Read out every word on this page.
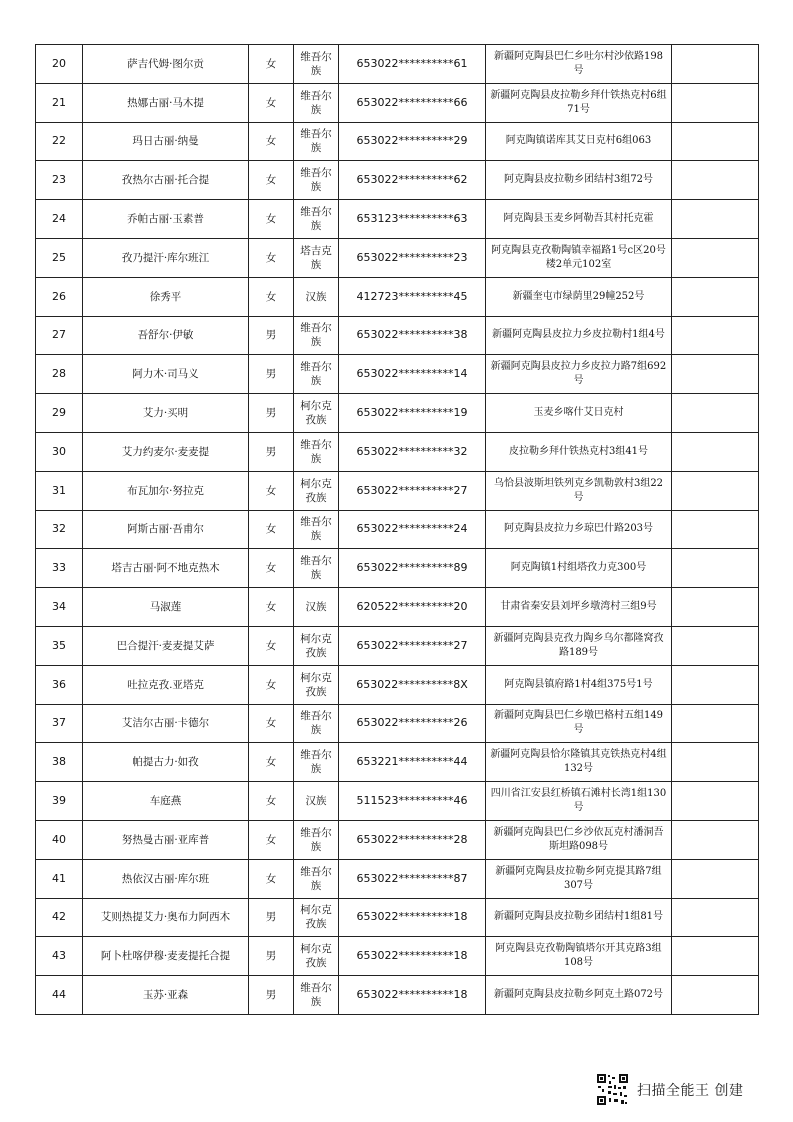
20	萨吉代姆·图尔贡	女	维吾尔族	653022**********61	新疆阿克陶县巴仁乡吐尔村沙依路198号	
21	热娜古丽·马木提	女	维吾尔族	653022**********66	新疆阿克陶县皮拉勒乡拜什铁热克村6组71号	
22	玛日古丽·纳曼	女	维吾尔族	653022**********29	阿克陶镇诺库其艾日克村6组063	
23	孜热尔古丽·托合提	女	维吾尔族	653022**********62	阿克陶县皮拉勒乡团结村3组72号	
24	乔帕古丽·玉素普	女	维吾尔族	653123**********63	阿克陶县玉麦乡阿勒吾其村托克霍	
25	孜乃提汗·库尔班江	女	塔吉克族	653022**********23	阿克陶县克孜勒陶镇幸福路1号c区20号楼2单元102室	
26	徐秀平	女	汉族	412723**********45	新疆奎屯市绿荫里29幢252号	
27	吾舒尔·伊敏	男	维吾尔族	653022**********38	新疆阿克陶县皮拉力乡皮拉勒村1组4号	
28	阿力木·司马义	男	维吾尔族	653022**********14	新疆阿克陶县皮拉力乡皮拉力路7组692号	
29	艾力·买明	男	柯尔克孜族	653022**********19	玉麦乡喀什艾日克村	
30	艾力约麦尔·麦麦提	男	维吾尔族	653022**********32	皮拉勒乡拜什铁热克村3组41号	
31	布瓦加尔·努拉克	女	柯尔克孜族	653022**********27	乌恰县波斯坦铁列克乡凯勒敦村3组22号	
32	阿斯古丽·吾甫尔	女	维吾尔族	653022**********24	阿克陶县皮拉力乡琼巴什路203号	
33	塔吉古丽·阿不地克热木	女	维吾尔族	653022**********89	阿克陶镇1村组塔孜力克300号	
34	马淑莲	女	汉族	620522**********20	甘肃省秦安县刘坪乡墩湾村三组9号	
35	巴合提汗·麦麦提艾萨	女	柯尔克孜族	653022**********27	新疆阿克陶县克孜力陶乡乌尔都隆窝孜路189号	
36	吐拉克孜.亚塔克	女	柯尔克孜族	653022**********8X	阿克陶县镇府路1村4组375号1号	
37	艾洁尔古丽·卡德尔	女	维吾尔族	653022**********26	新疆阿克陶县巴仁乡墩巴格村五组149号	
38	帕提古力·如孜	女	维吾尔族	653221**********44	新疆阿克陶县恰尔隆镇其克铁热克村4组132号	
39	车庭燕	女	汉族	511523**********46	四川省江安县红桥镇石滩村长湾1组130号	
40	努热曼古丽·亚库普	女	维吾尔族	653022**********28	新疆阿克陶县巴仁乡沙依瓦克村潘洞吾斯坦路098号	
41	热依汉古丽·库尔班	女	维吾尔族	653022**********87	新疆阿克陶县皮拉勒乡阿克提其路7组307号	
42	艾则热提艾力·奥布力阿西木	男	柯尔克孜族	653022**********18	新疆阿克陶县皮拉勒乡团结村1组81号	
43	阿卜杜喀伊穆·麦麦提托合提	男	柯尔克孜族	653022**********18	阿克陶县克孜勒陶镇塔尔开其克路3组108号	
44	玉苏·亚森	男	维吾尔族	653022**********18	新疆阿克陶县皮拉勒乡阿克土路072号	
扫描全能王 创建
